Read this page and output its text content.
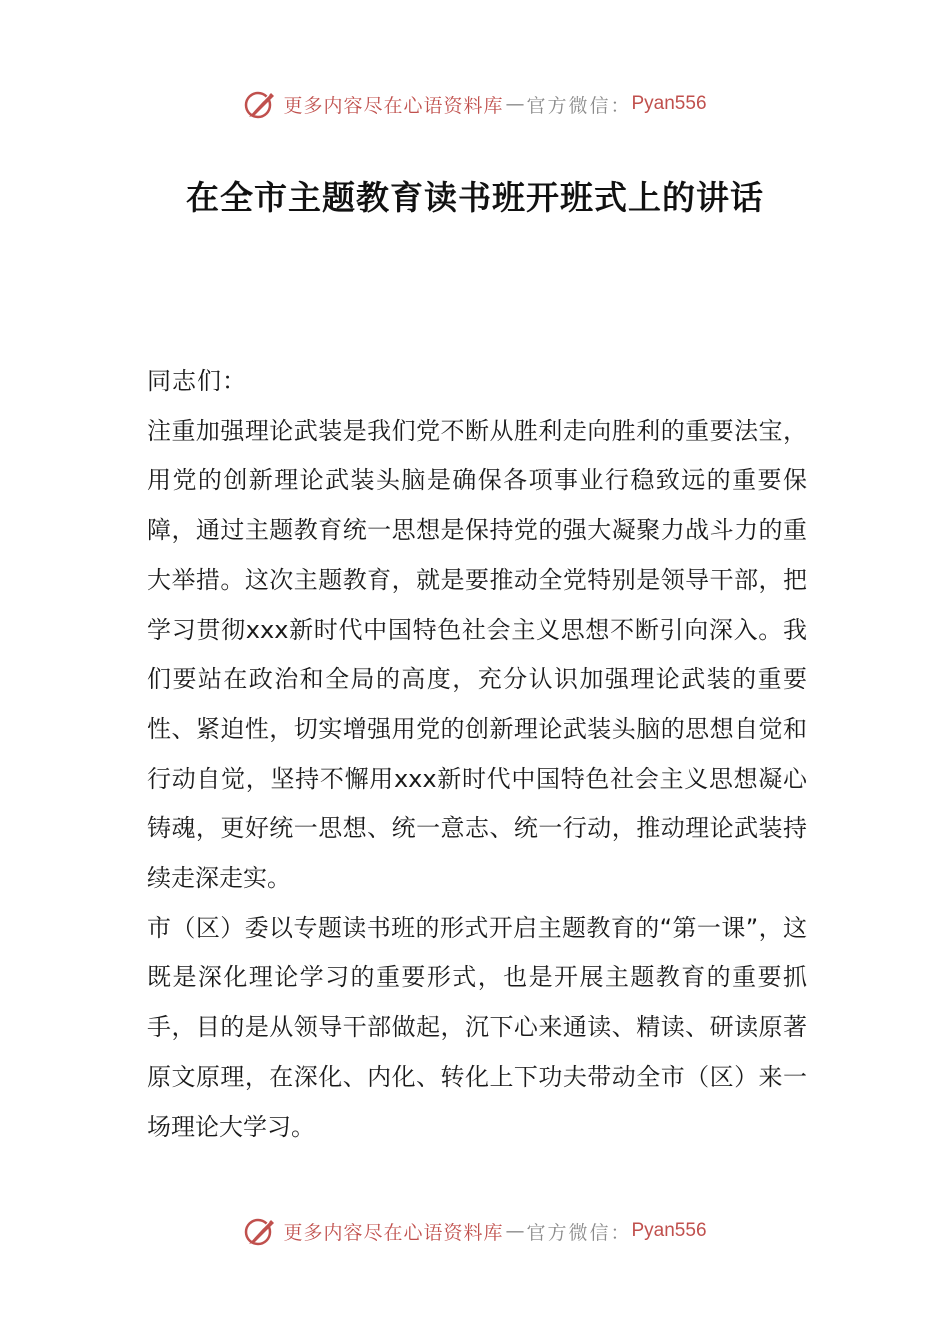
更多内容尽在心语资料库 — 官方微信： Pyan556
在全市主题教育读书班开班式上的讲话

同志们：

注重加强理论武装是我们党不断从胜利走向胜利的重要法宝，用党的创新理论武装头脑是确保各项事业行稳致远的重要保障，通过主题教育统一思想是保持党的强大凝聚力战斗力的重大举措。这次主题教育，就是要推动全党特别是领导干部，把学习贯彻xxx新时代中国特色社会主义思想不断引向深入。我们要站在政治和全局的高度，充分认识加强理论武装的重要性、紧迫性，切实增强用党的创新理论武装头脑的思想自觉和行动自觉，坚持不懈用xxx新时代中国特色社会主义思想凝心铸魂，更好统一思想、统一意志、统一行动，推动理论武装持续走深走实。

市（区）委以专题读书班的形式开启主题教育的“第一课”，这既是深化理论学习的重要形式，也是开展主题教育的重要抓手，目的是从领导干部做起，沉下心来通读、精读、研读原著原文原理，在深化、内化、转化上下功夫带动全市（区）来一场理论大学习。

更多内容尽在心语资料库 — 官方微信： Pyan556
